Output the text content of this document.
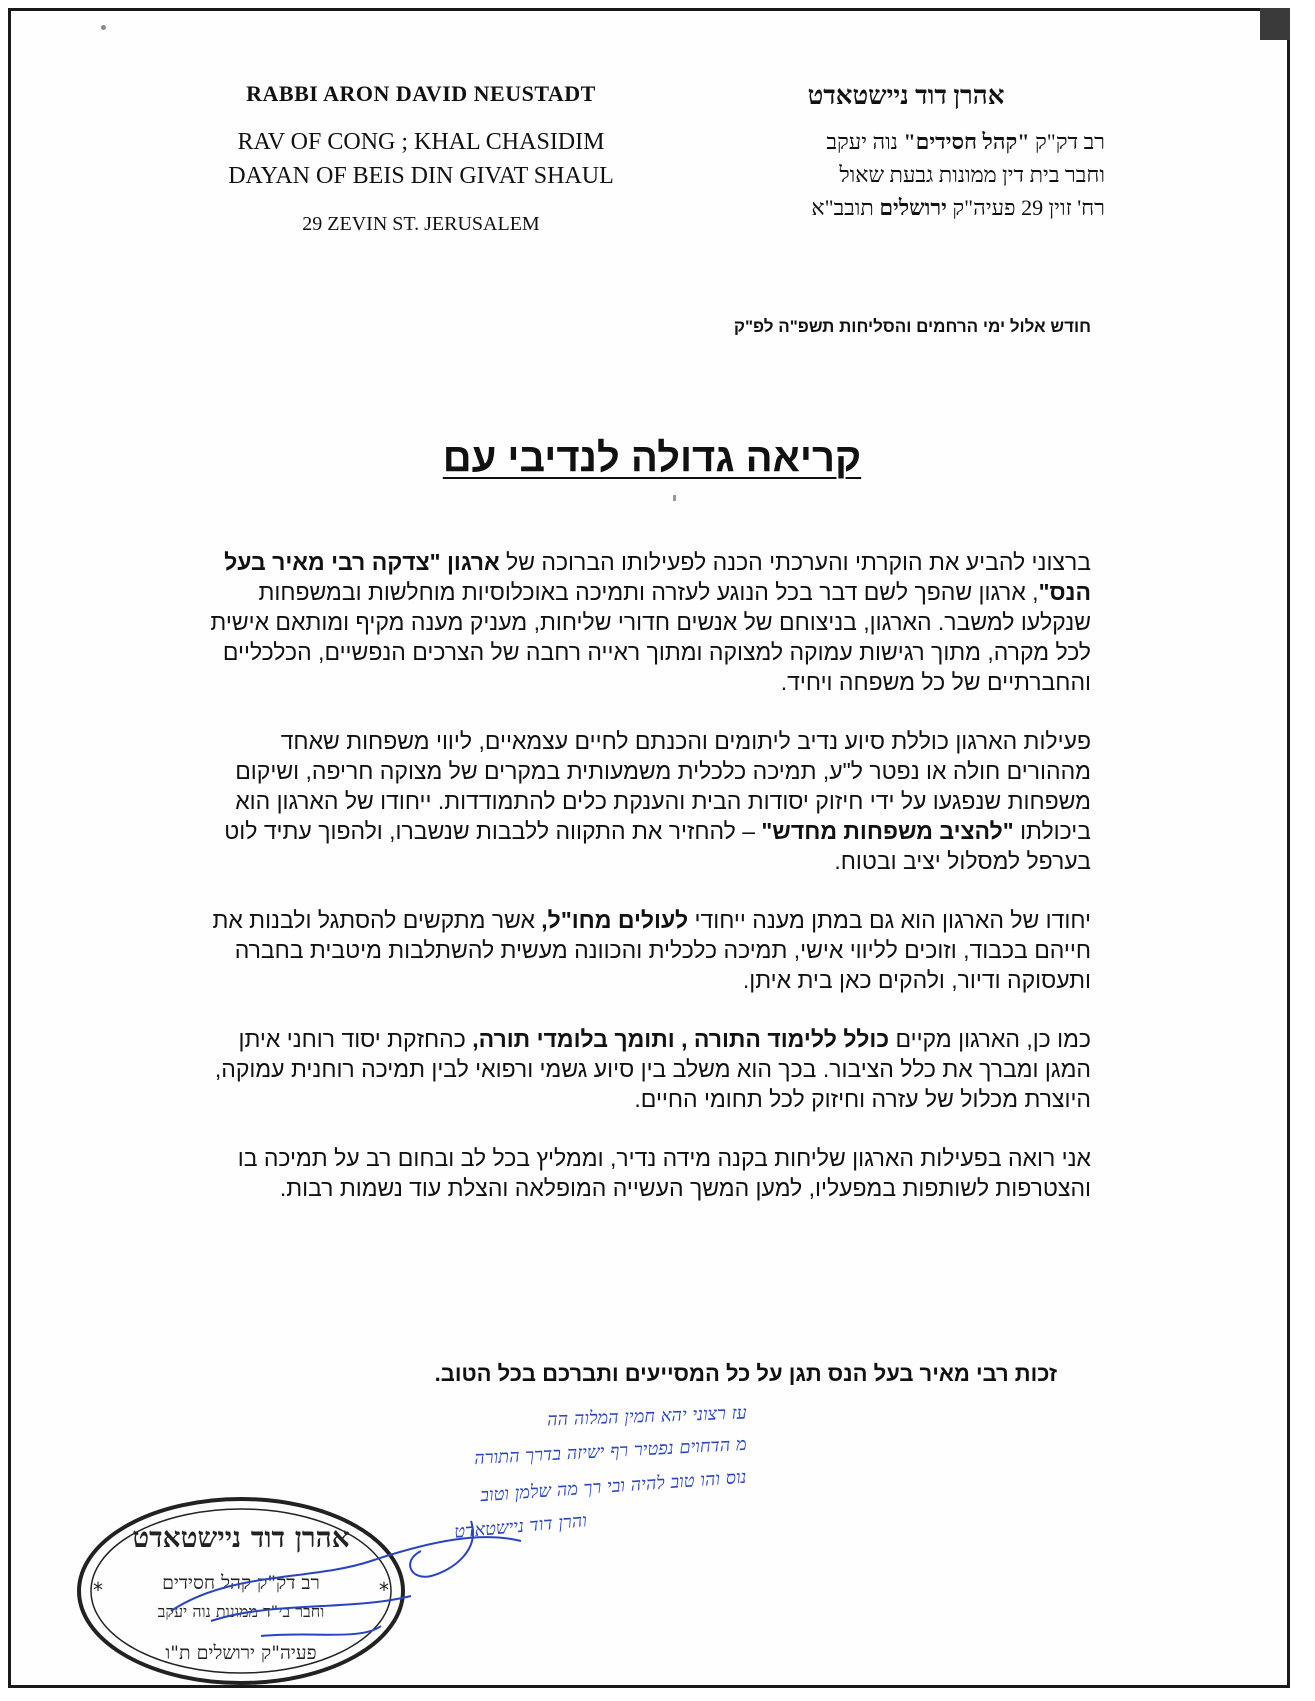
RABBI ARON DAVID NEUSTADT
RAV OF CONG ; KHAL CHASIDIM
DAYAN OF BEIS DIN GIVAT SHAUL
29 ZEVIN ST. JERUSALEM
אהרן דוד ניישטאדט
רב דק"ק "קהל חסידים" נוה יעקב
וחבר בית דין ממונות גבעת שאול
רח' זוין 29 פעיה"ק ירושלים תובב"א
חודש אלול ימי הרחמים והסליחות תשפ"ה לפ"ק
קריאה גדולה לנדיבי עם

ברצוני להביע את הוקרתי והערכתי הכנה לפעילותו הברוכה של ארגון "צדקה רבי מאיר בעל הנס", ארגון שהפך לשם דבר בכל הנוגע לעזרה ותמיכה באוכלוסיות מוחלשות ובמשפחות שנקלעו למשבר. הארגון, בניצוחם של אנשים חדורי שליחות, מעניק מענה מקיף ומותאם אישית לכל מקרה, מתוך רגישות עמוקה למצוקה ומתוך ראייה רחבה של הצרכים הנפשיים, הכלכליים והחברתיים של כל משפחה ויחיד.

פעילות הארגון כוללת סיוע נדיב ליתומים והכנתם לחיים עצמאיים, ליווי משפחות שאחד מההורים חולה או נפטר ל"ע, תמיכה כלכלית משמעותית במקרים של מצוקה חריפה, ושיקום משפחות שנפגעו על ידי חיזוק יסודות הבית והענקת כלים להתמודדות. ייחודו של הארגון הוא ביכולתו "להציב משפחות מחדש" – להחזיר את התקווה ללבבות שנשברו, ולהפוך עתיד לוט בערפל למסלול יציב ובטוח.

יחודו של הארגון הוא גם במתן מענה ייחודי לעולים מחו"ל, אשר מתקשים להסתגל ולבנות את חייהם בכבוד, וזוכים לליווי אישי, תמיכה כלכלית והכוונה מעשית להשתלבות מיטבית בחברה ותעסוקה ודיור, ולהקים כאן בית איתן.

כמו כן, הארגון מקיים כולל ללימוד התורה , ותומך בלומדי תורה, כהחזקת יסוד רוחני איתן המגן ומברך את כלל הציבור. בכך הוא משלב בין סיוע גשמי ורפואי לבין תמיכה רוחנית עמוקה, היוצרת מכלול של עזרה וחיזוק לכל תחומי החיים.

אני רואה בפעילות הארגון שליחות בקנה מידה נדיר, וממליץ בכל לב ובחום רב על תמיכה בו והצטרפות לשותפות במפעליו, למען המשך העשייה המופלאה והצלת עוד נשמות רבות.

זכות רבי מאיר בעל הנס תגן על כל המסייעים ותברכם בכל הטוב.
עז רצוני יהא חמין המלוה הה
מ הדחוים נפטיר רף ישיזה בדרך התורה
נוס והו טוב להיה ובי רך מה שלמן וטוב
והרן דוד ניישטאדט
*	*
אהרן דוד ניישטאדט
רב דק"ק קהל חסידים
וחבר בי"ד ממונות נוה יעקב
פעיה"ק ירושלים ת"ו
